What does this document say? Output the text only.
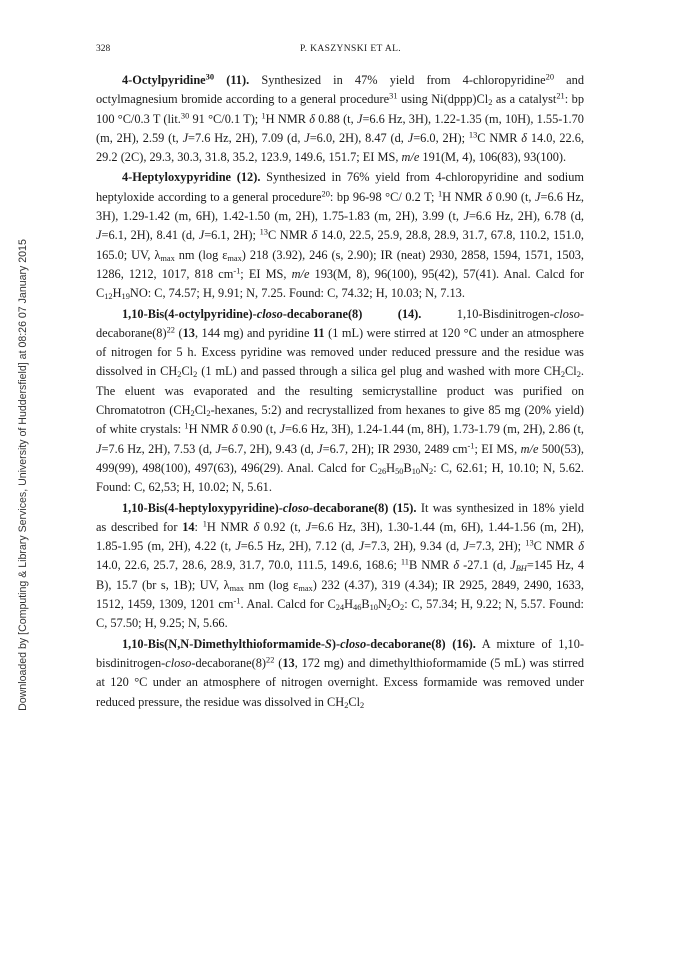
328	P. KASZYNSKI ET AL.
Downloaded by [Computing & Library Services, University of Huddersfield] at 08:26 07 January 2015

4-Octylpyridine$^{30}$ (11). Synthesized in 47% yield from 4-chloropyridine$^{20}$ and octylmagnesium bromide according to a general procedure$^{31}$ using $Ni(dppp)Cl_2$ as a catalyst$^{21}$: bp 100 °C/0.3 T (lit.$^{30}$ 91 °C/0.1 T); $^1$H NMR δ 0.88 (t, J=6.6 Hz, 3H), 1.22-1.35 (m, 10H), 1.55-1.70 (m, 2H), 2.59 (t, J=7.6 Hz, 2H), 7.09 (d, J=6.0, 2H), 8.47 (d, J=6.0, 2H); $^{13}$C NMR δ 14.0, 22.6, 29.2 (2C), 29.3, 30.3, 31.8, 35.2, 123.9, 149.6, 151.7; EI MS, m/e 191(M, 4), 106(83), 93(100).

4-Heptyloxypyridine (12). Synthesized in 76% yield from 4-chloropyridine and sodium heptyloxide according to a general procedure$^{20}$: bp 96-98 °C/ 0.2 T; $^1$H NMR δ 0.90 (t, J=6.6 Hz, 3H), 1.29-1.42 (m, 6H), 1.42-1.50 (m, 2H), 1.75-1.83 (m, 2H), 3.99 (t, J=6.6 Hz, 2H), 6.78 (d, J=6.1, 2H), 8.41 (d, J=6.1, 2H); $^{13}$C NMR δ 14.0, 22.5, 25.9, 28.8, 28.9, 31.7, 67.8, 110.2, 151.0, 165.0; UV, $\lambda_{max}$ nm (log $\varepsilon_{max}$) 218 (3.92), 246 (s, 2.90); IR (neat) 2930, 2858, 1594, 1571, 1503, 1286, 1212, 1017, 818 $cm^{-1}$; EI MS, m/e 193(M, 8), 96(100), 95(42), 57(41). Anal. Calcd for $C_{12}H_{19}NO$: C, 74.57; H, 9.91; N, 7.25. Found: C, 74.32; H, 10.03; N, 7.13.

1,10-Bis(4-octylpyridine)-closo-decaborane(8) (14). $1,10-Bisdinitrogen-closo-decaborane(8)^{22}$ (13, 144 mg) and pyridine 11 (1 mL) were stirred at 120 °C under an atmosphere of nitrogen for 5 h. Excess pyridine was removed under reduced pressure and the residue was dissolved in $CH_2Cl_2$ (1 mL) and passed through a silica gel plug and washed with more $CH_2Cl_2$. The eluent was evaporated and the resulting semicrystalline product was purified on Chromatotron ($CH_2Cl_2$-hexanes, 5:2) and recrystallized from hexanes to give 85 mg (20% yield) of white crystals: $^1$H NMR δ 0.90 (t, J=6.6 Hz, 3H), 1.24-1.44 (m, 8H), 1.73-1.79 (m, 2H), 2.86 (t, J=7.6 Hz, 2H), 7.53 (d, J=6.7, 2H), 9.43 (d, J=6.7, 2H); IR 2930, 2489 $cm^{-1}$; EI MS, m/e 500(53), 499(99), 498(100), 497(63), 496(29). Anal. Calcd for $C_{26}H_{50}B_{10}N_2$: C, 62.61; H, 10.10; N, 5.62. Found: C, 62,53; H, 10.02; N, 5.61.

1,10-Bis(4-heptyloxypyridine)-closo-decaborane(8) (15). It was synthesized in 18% yield as described for 14: $^1$H NMR δ 0.92 (t, J=6.6 Hz, 3H), 1.30-1.44 (m, 6H), 1.44-1.56 (m, 2H), 1.85-1.95 (m, 2H), 4.22 (t, J=6.5 Hz, 2H), 7.12 (d, J=7.3, 2H), 9.34 (d, J=7.3, 2H); $^{13}$C NMR δ 14.0, 22.6, 25.7, 28.6, 28.9, 31.7, 70.0, 111.5, 149.6, 168.6; $^{11}$B NMR δ -27.1 (d, $J_{BH}=145$ Hz, 4 B), 15.7 (br s, 1B); UV, $\lambda_{max}$ nm (log $\varepsilon_{max}$) 232 (4.37), 319 (4.34); IR 2925, 2849, 2490, 1633, 1512, 1459, 1309, 1201 $cm^{-1}$. Anal. Calcd for $C_{24}H_{46}B_{10}N_2O_2$: C, 57.34; H, 9.22; N, 5.57. Found: C, 57.50; H, 9.25; N, 5.66.

1,10-Bis(N,N-Dimethylthioformamide-S)-closo-decaborane(8) (16). A mixture of $1,10-bisdinitrogen-closo-decaborane(8)^{22}$ (13, 172 mg) and dimethylthioformamide (5 mL) was stirred at 120 °C under an atmosphere of nitrogen overnight. Excess formamide was removed under reduced pressure, the residue was dissolved in $CH_2Cl_2$
